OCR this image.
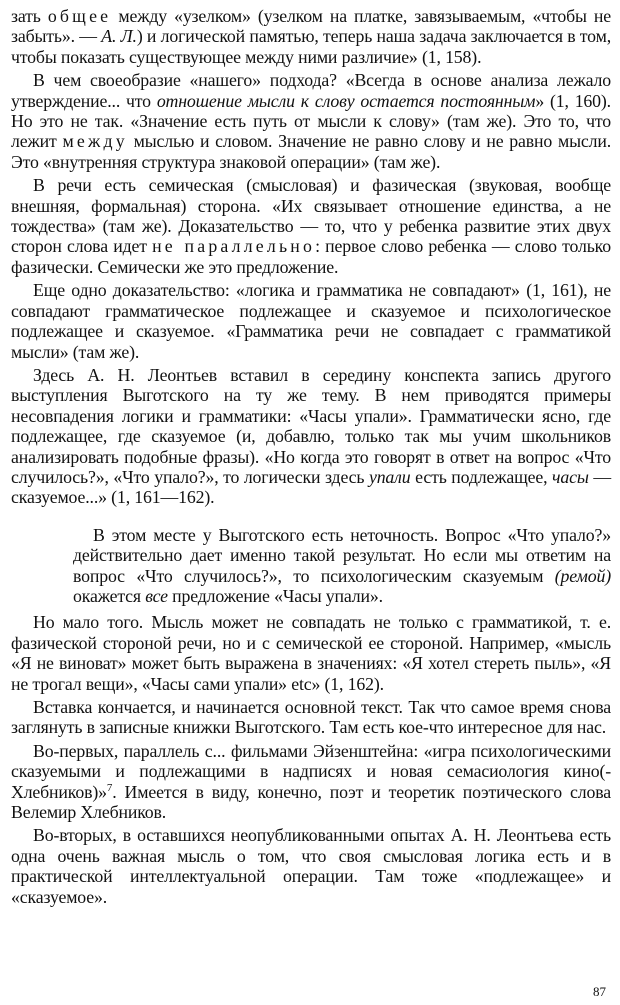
зать общее между «узелком» (узелком на платке, завязываемым, «чтобы не забыть». — А. Л.) и логической памятью, теперь наша задача заключается в том, чтобы показать существующее между ними различие» (1, 158).

В чем своеобразие «нашего» подхода? «Всегда в основе анализа лежало утверждение... что отношение мысли к слову остается постоянным» (1, 160). Но это не так. «Значение есть путь от мысли к слову» (там же). Это то, что лежит между мыслью и словом. Значение не равно слову и не равно мысли. Это «внутренняя структура знаковой операции» (там же).

В речи есть семическая (смысловая) и фазическая (звуковая, вообще внешняя, формальная) сторона. «Их связывает отношение единства, а не тождества» (там же). Доказательство — то, что у ребенка развитие этих двух сторон слова идет не параллельно: первое слово ребенка — слово только фазически. Семически же это предложение.

Еще одно доказательство: «логика и грамматика не совпадают» (1, 161), не совпадают грамматическое подлежащее и сказуемое и психологическое подлежащее и сказуемое. «Грамматика речи не совпадает с грамматикой мысли» (там же).

Здесь А. Н. Леонтьев вставил в середину конспекта запись другого выступления Выготского на ту же тему. В нем приводятся примеры несовпадения логики и грамматики: «Часы упали». Грамматически ясно, где подлежащее, где сказуемое (и, добавлю, только так мы учим школьников анализировать подобные фразы). «Но когда это говорят в ответ на вопрос «Что случилось?», «Что упало?», то логически здесь упали есть подлежащее, часы — сказуемое...» (1, 161—162).

В этом месте у Выготского есть неточность. Вопрос «Что упало?» действительно дает именно такой результат. Но если мы ответим на вопрос «Что случилось?», то психологическим сказуемым (ремой) окажется все предложение «Часы упали».

Но мало того. Мысль может не совпадать не только с грамматикой, т. е. фазической стороной речи, но и с семической ее стороной. Например, «мысль «Я не виноват» может быть выражена в значениях: «Я хотел стереть пыль», «Я не трогал вещи», «Часы сами упали» etc» (1, 162).

Вставка кончается, и начинается основной текст. Так что самое время снова заглянуть в записные книжки Выготского. Там есть кое-что интересное для нас.

Во-первых, параллель с... фильмами Эйзенштейна: «игра психологическими сказуемыми и подлежащими в надписях и новая семасиология кино(-Хлебников)»$^7$. Имеется в виду, конечно, поэт и теоретик поэтического слова Велемир Хлебников.

Во-вторых, в оставшихся неопубликованными опытах А. Н. Леонтьева есть одна очень важная мысль о том, что своя смысловая логика есть и в практической интеллектуальной операции. Там тоже «подлежащее» и «сказуемое».

87
